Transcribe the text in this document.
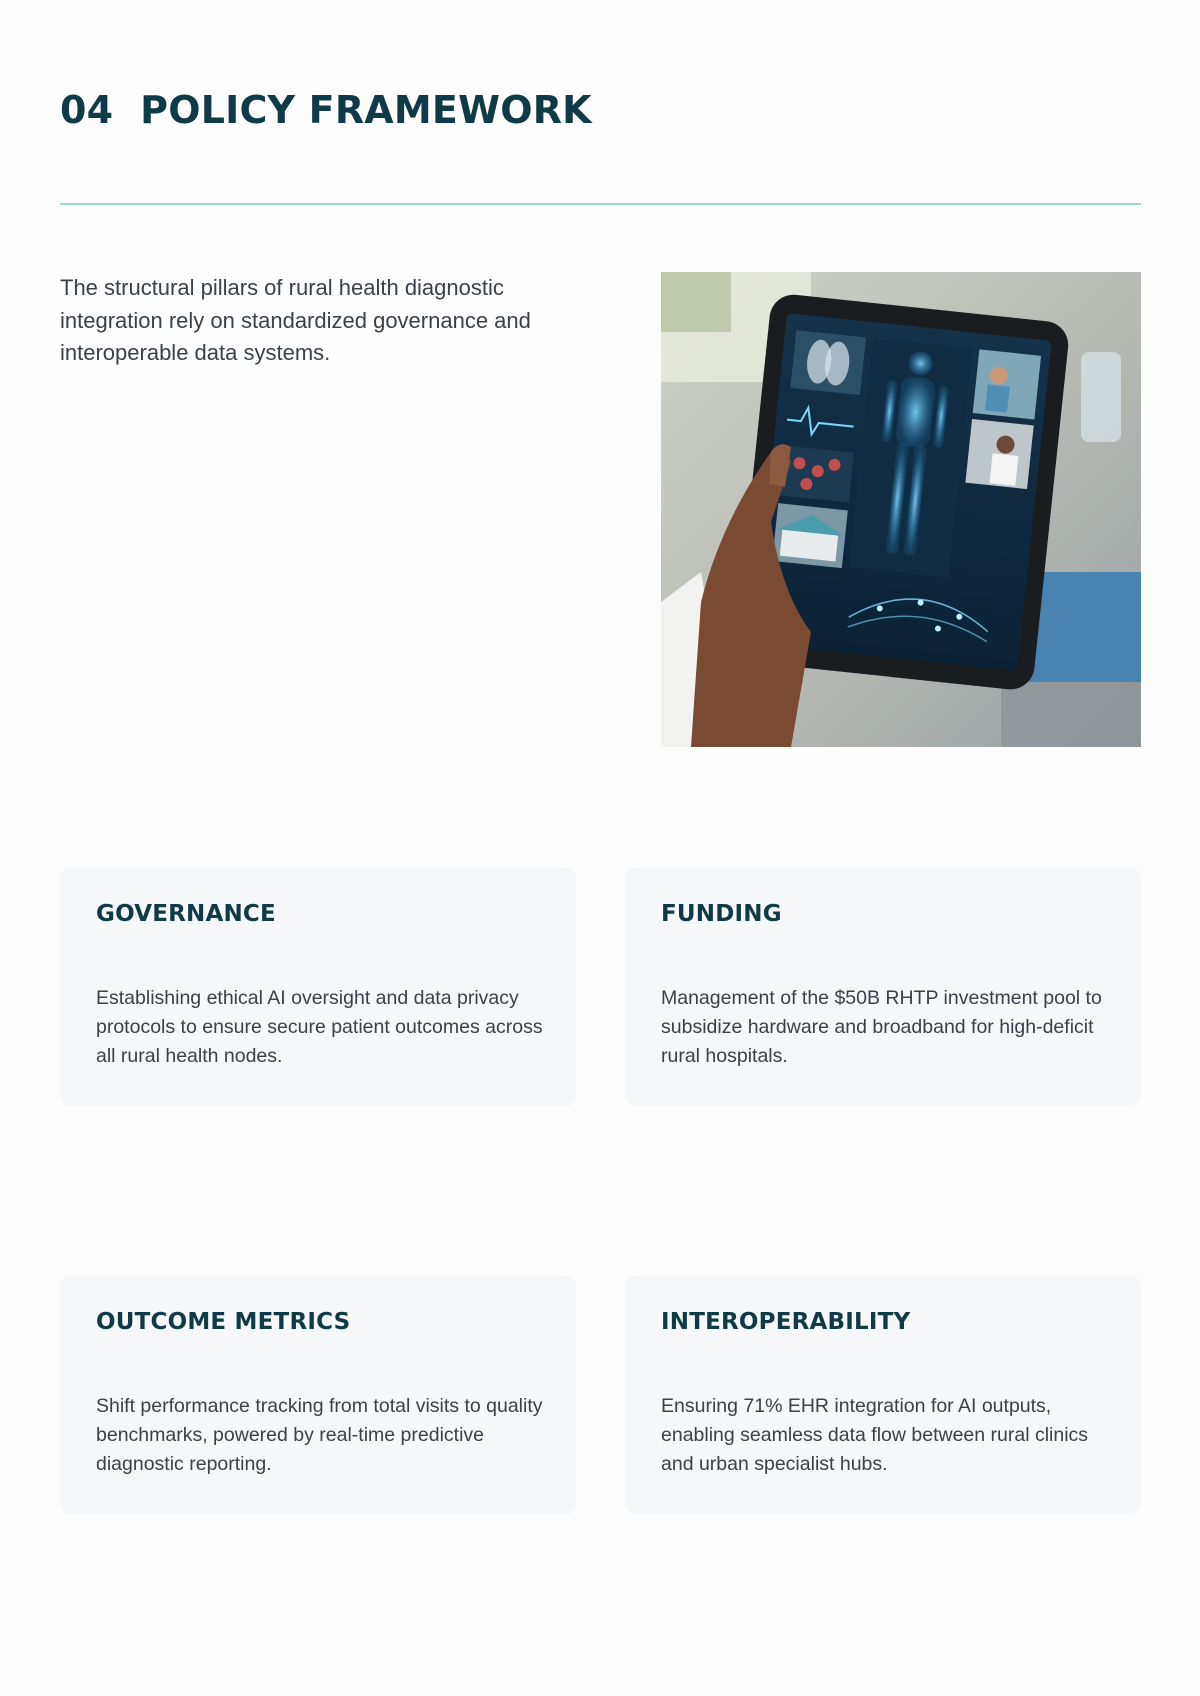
04  POLICY FRAMEWORK

The structural pillars of rural health diagnostic integration rely on standardized governance and interoperable data systems.

GOVERNANCE

Establishing ethical AI oversight and data privacy protocols to ensure secure patient outcomes across all rural health nodes.

FUNDING

Management of the $50B RHTP investment pool to subsidize hardware and broadband for high-deficit rural hospitals.

OUTCOME METRICS

Shift performance tracking from total visits to quality benchmarks, powered by real-time predictive diagnostic reporting.

INTEROPERABILITY

Ensuring 71% EHR integration for AI outputs, enabling seamless data flow between rural clinics and urban specialist hubs.
